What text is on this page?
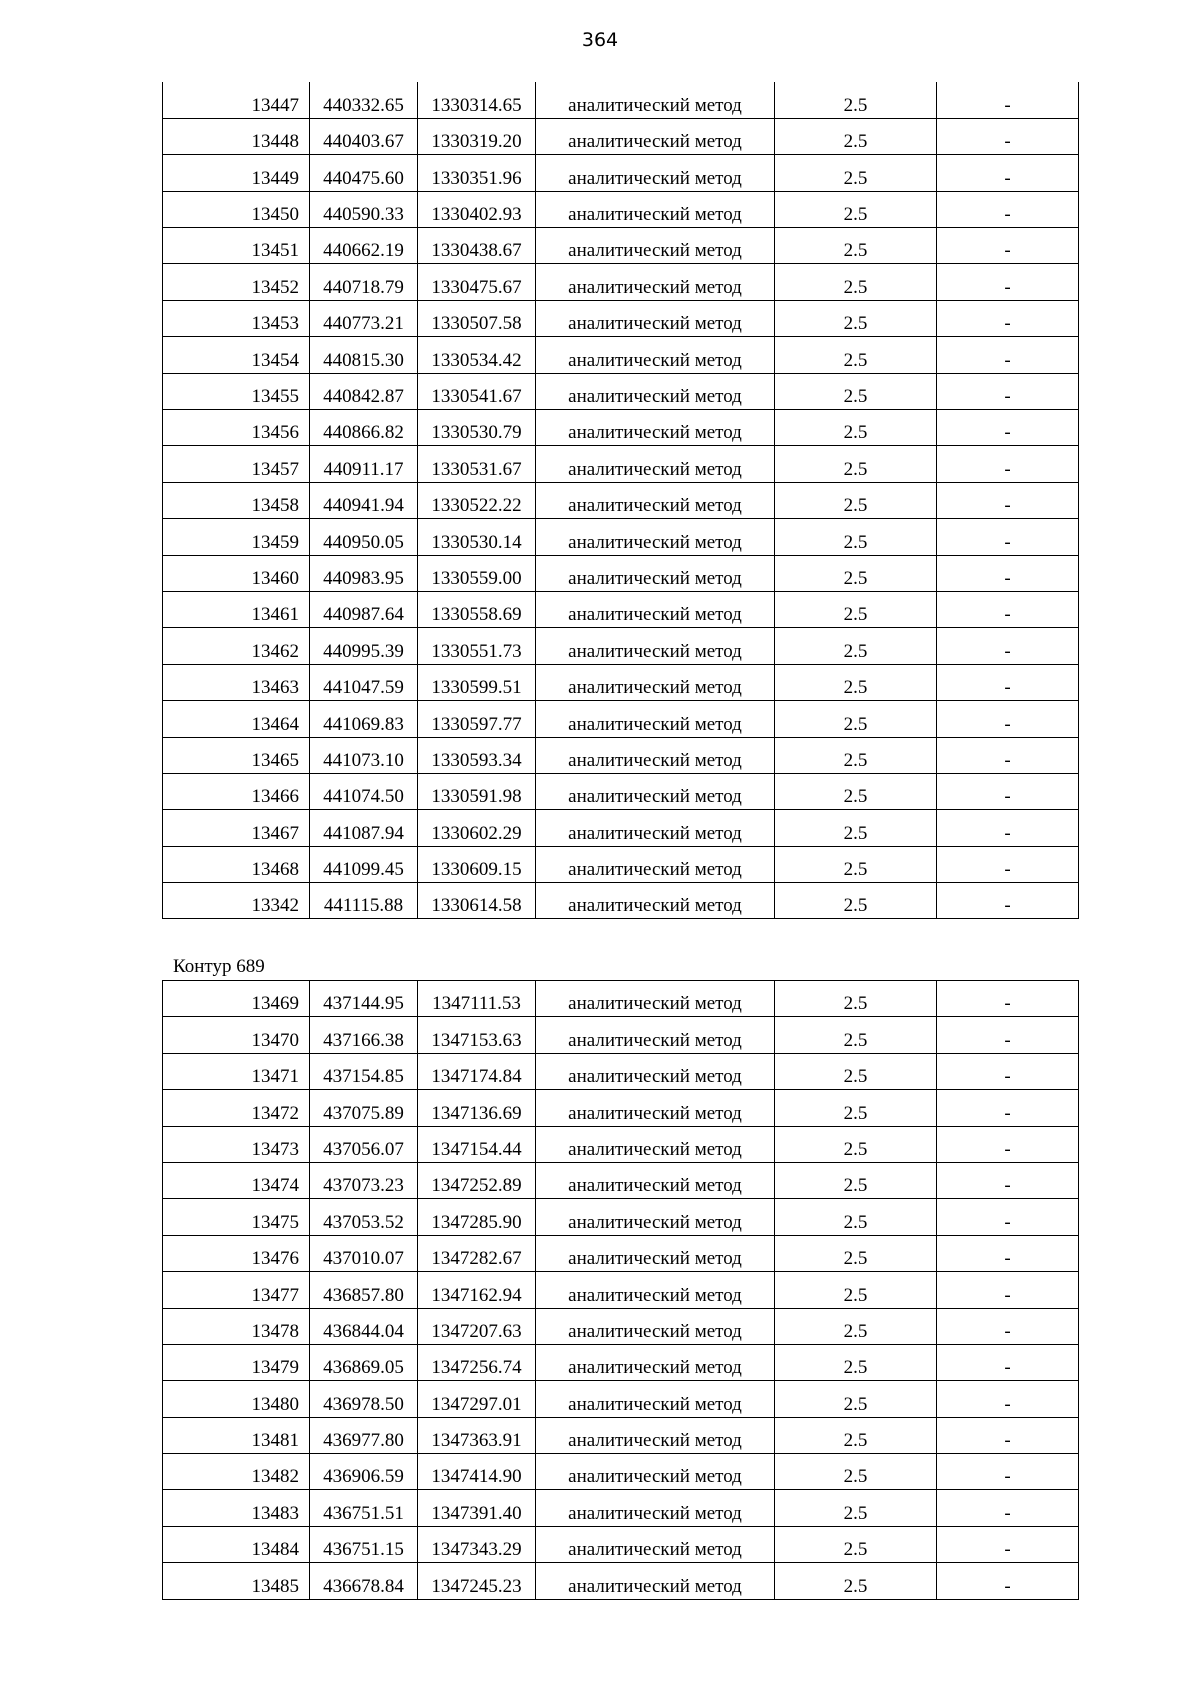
364
13447	440332.65	1330314.65	аналитический метод	2.5	-
13448	440403.67	1330319.20	аналитический метод	2.5	-
13449	440475.60	1330351.96	аналитический метод	2.5	-
13450	440590.33	1330402.93	аналитический метод	2.5	-
13451	440662.19	1330438.67	аналитический метод	2.5	-
13452	440718.79	1330475.67	аналитический метод	2.5	-
13453	440773.21	1330507.58	аналитический метод	2.5	-
13454	440815.30	1330534.42	аналитический метод	2.5	-
13455	440842.87	1330541.67	аналитический метод	2.5	-
13456	440866.82	1330530.79	аналитический метод	2.5	-
13457	440911.17	1330531.67	аналитический метод	2.5	-
13458	440941.94	1330522.22	аналитический метод	2.5	-
13459	440950.05	1330530.14	аналитический метод	2.5	-
13460	440983.95	1330559.00	аналитический метод	2.5	-
13461	440987.64	1330558.69	аналитический метод	2.5	-
13462	440995.39	1330551.73	аналитический метод	2.5	-
13463	441047.59	1330599.51	аналитический метод	2.5	-
13464	441069.83	1330597.77	аналитический метод	2.5	-
13465	441073.10	1330593.34	аналитический метод	2.5	-
13466	441074.50	1330591.98	аналитический метод	2.5	-
13467	441087.94	1330602.29	аналитический метод	2.5	-
13468	441099.45	1330609.15	аналитический метод	2.5	-
13342	441115.88	1330614.58	аналитический метод	2.5	-
Контур 689
13469	437144.95	1347111.53	аналитический метод	2.5	-
13470	437166.38	1347153.63	аналитический метод	2.5	-
13471	437154.85	1347174.84	аналитический метод	2.5	-
13472	437075.89	1347136.69	аналитический метод	2.5	-
13473	437056.07	1347154.44	аналитический метод	2.5	-
13474	437073.23	1347252.89	аналитический метод	2.5	-
13475	437053.52	1347285.90	аналитический метод	2.5	-
13476	437010.07	1347282.67	аналитический метод	2.5	-
13477	436857.80	1347162.94	аналитический метод	2.5	-
13478	436844.04	1347207.63	аналитический метод	2.5	-
13479	436869.05	1347256.74	аналитический метод	2.5	-
13480	436978.50	1347297.01	аналитический метод	2.5	-
13481	436977.80	1347363.91	аналитический метод	2.5	-
13482	436906.59	1347414.90	аналитический метод	2.5	-
13483	436751.51	1347391.40	аналитический метод	2.5	-
13484	436751.15	1347343.29	аналитический метод	2.5	-
13485	436678.84	1347245.23	аналитический метод	2.5	-
